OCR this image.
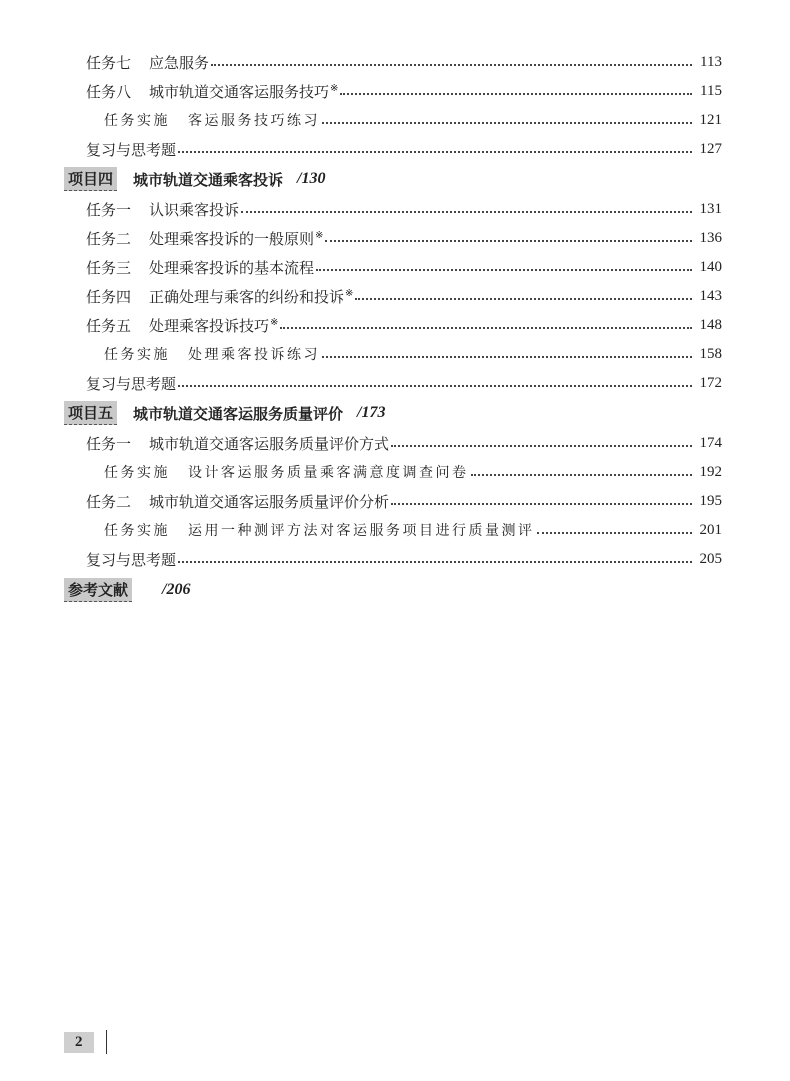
任务七 应急服务	113
任务八 城市轨道交通客运服务技巧※	115
任务实施 客运服务技巧练习	121
复习与思考题	127
项目四 城市轨道交通乘客投诉 /130
任务一 认识乘客投诉	131
任务二 处理乘客投诉的一般原则※	136
任务三 处理乘客投诉的基本流程	140
任务四 正确处理与乘客的纠纷和投诉※	143
任务五 处理乘客投诉技巧※	148
任务实施 处理乘客投诉练习	158
复习与思考题	172
项目五 城市轨道交通客运服务质量评价 /173
任务一 城市轨道交通客运服务质量评价方式	174
任务实施 设计客运服务质量乘客满意度调查问卷	192
任务二 城市轨道交通客运服务质量评价分析	195
任务实施 运用一种测评方法对客运服务项目进行质量测评	201
复习与思考题	205
参考文献 /206
2
